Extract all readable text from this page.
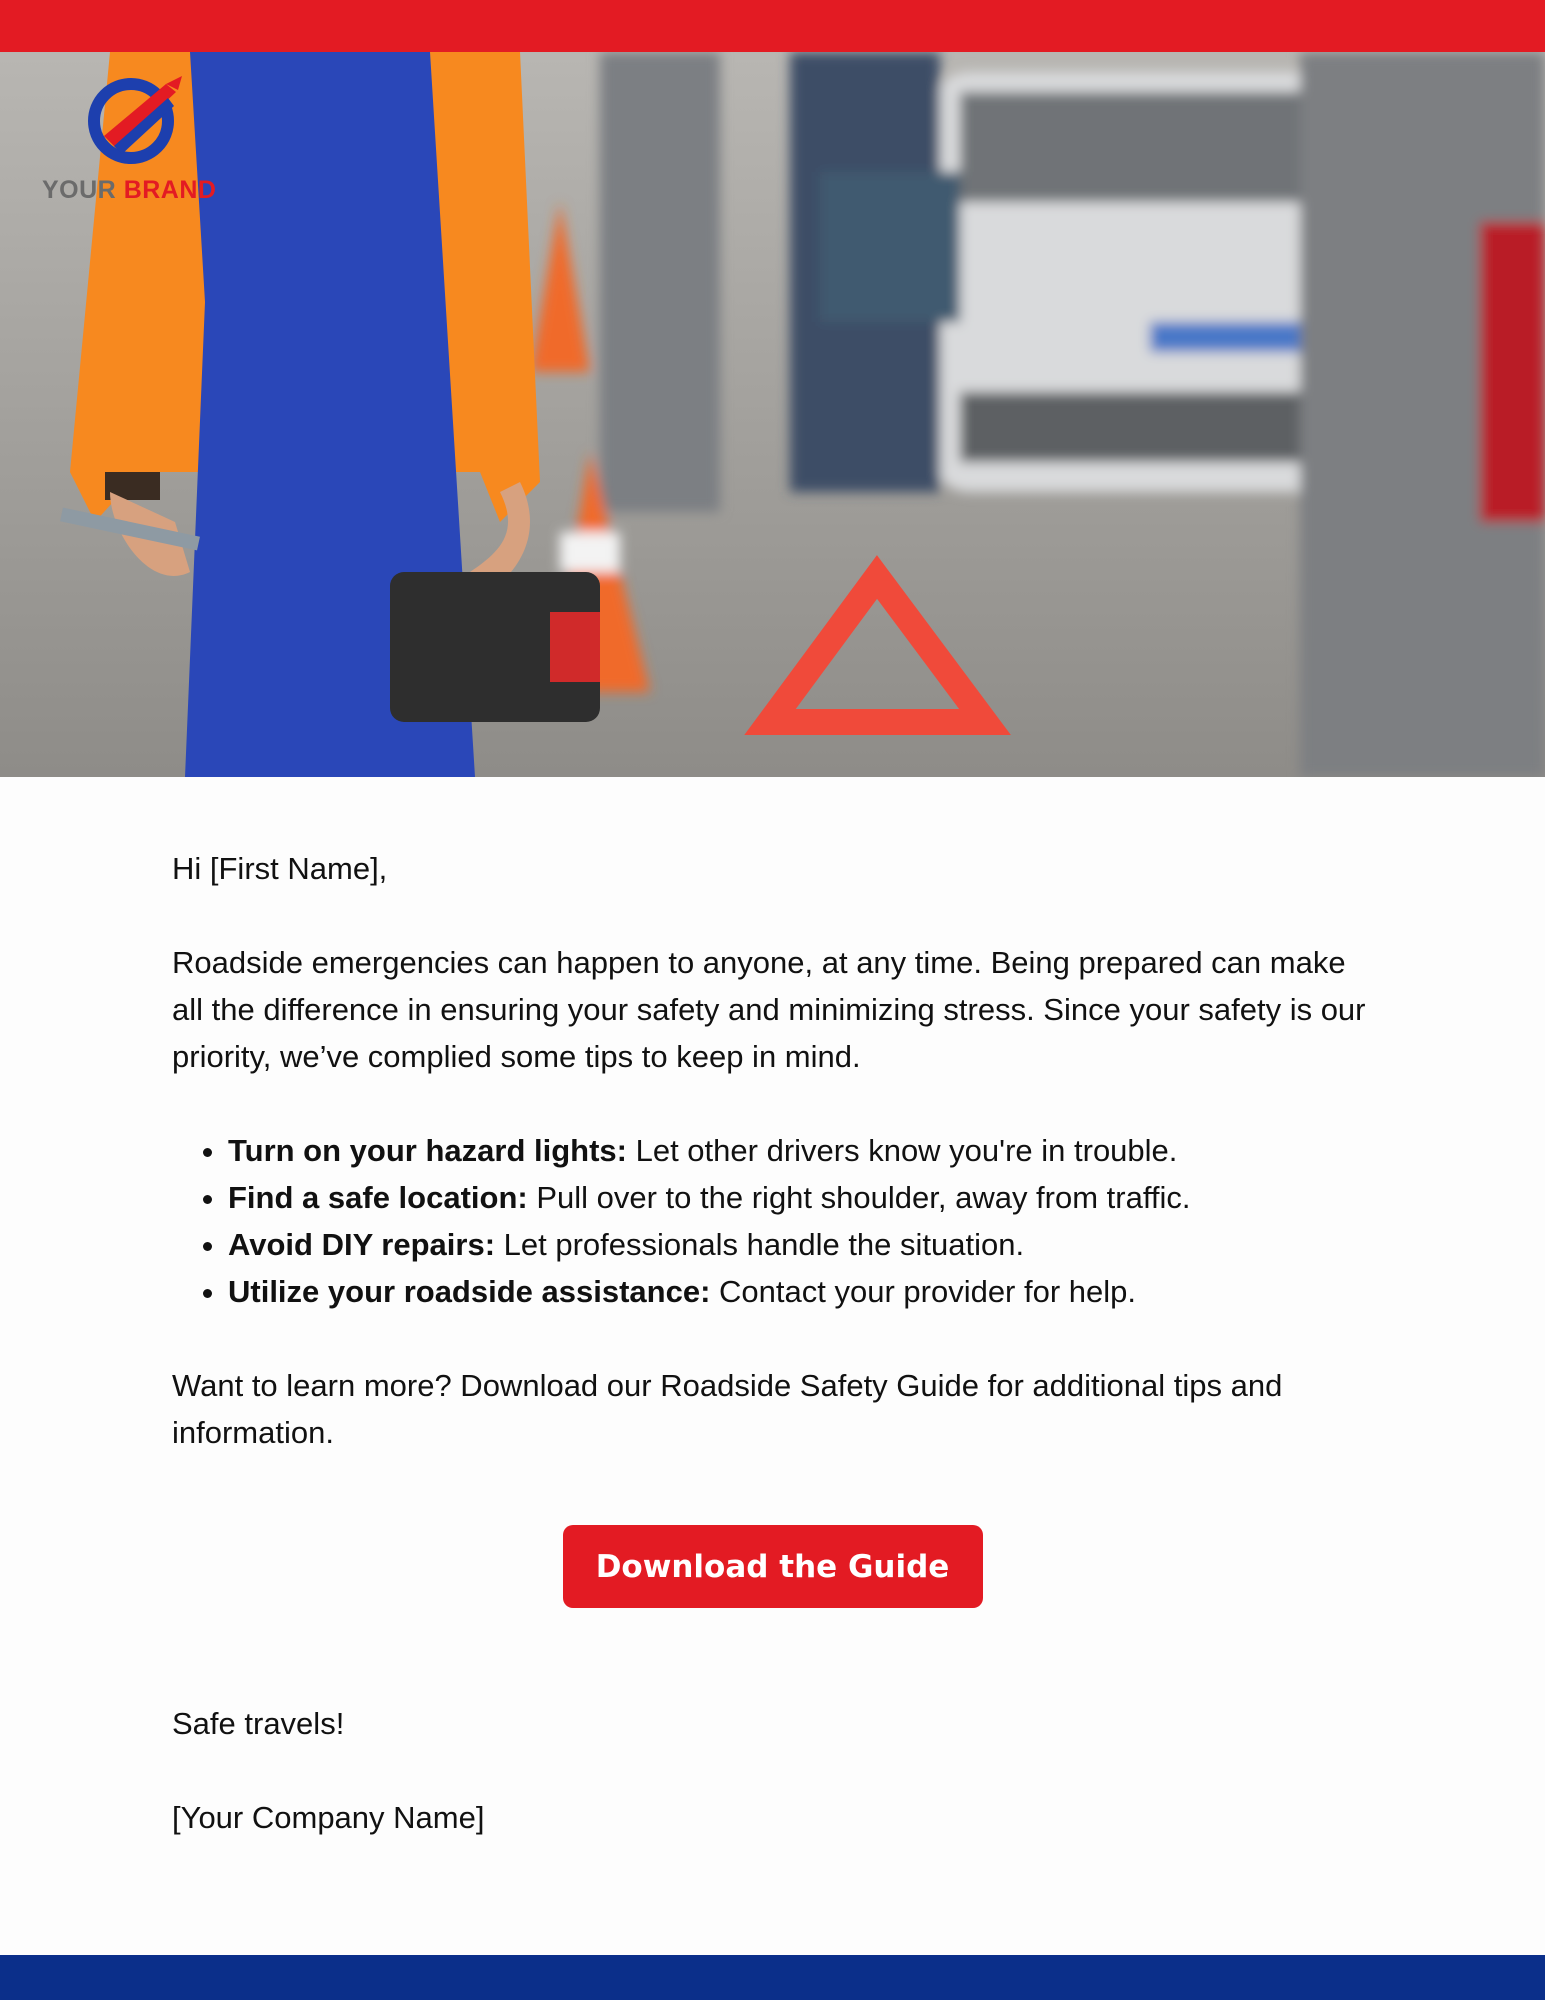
YOUR BRAND

Hi [First Name],

Roadside emergencies can happen to anyone, at any time. Being prepared can make all the difference in ensuring your safety and minimizing stress. Since your safety is our priority, we’ve complied some tips to keep in mind.

• Turn on your hazard lights: Let other drivers know you're in trouble.
• Find a safe location: Pull over to the right shoulder, away from traffic.
• Avoid DIY repairs: Let professionals handle the situation.
• Utilize your roadside assistance: Contact your provider for help.

Want to learn more? Download our Roadside Safety Guide for additional tips and information.

Download the Guide

Safe travels!

[Your Company Name]
